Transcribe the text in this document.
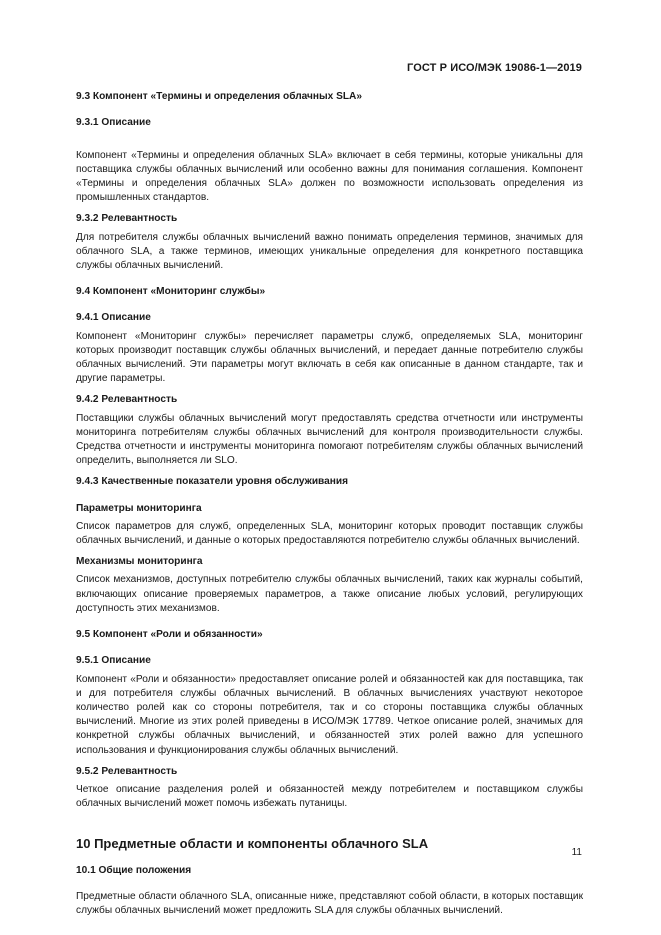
ГОСТ Р ИСО/МЭК 19086-1—2019

9.3 Компонент «Термины и определения облачных SLA»

9.3.1 Описание

Компонент «Термины и определения облачных SLA» включает в себя термины, которые уникальны для поставщика службы облачных вычислений или особенно важны для понимания соглашения. Компонент «Термины и определения облачных SLA» должен по возможности использовать определения из промышленных стандартов.

9.3.2 Релевантность

Для потребителя службы облачных вычислений важно понимать определения терминов, значимых для облачного SLA, а также терминов, имеющих уникальные определения для конкретного поставщика службы облачных вычислений.

9.4 Компонент «Мониторинг службы»

9.4.1 Описание

Компонент «Мониторинг службы» перечисляет параметры служб, определяемых SLA, мониторинг которых производит поставщик службы облачных вычислений, и передает данные потребителю службы облачных вычислений. Эти параметры могут включать в себя как описанные в данном стандарте, так и другие параметры.

9.4.2 Релевантность

Поставщики службы облачных вычислений могут предоставлять средства отчетности или инструменты мониторинга потребителям службы облачных вычислений для контроля производительности службы. Средства отчетности и инструменты мониторинга помогают потребителям службы облачных вычислений определить, выполняется ли SLO.

9.4.3 Качественные показатели уровня обслуживания

Параметры мониторинга

Список параметров для служб, определенных SLA, мониторинг которых проводит поставщик службы облачных вычислений, и данные о которых предоставляются потребителю службы облачных вычислений.

Механизмы мониторинга

Список механизмов, доступных потребителю службы облачных вычислений, таких как журналы событий, включающих описание проверяемых параметров, а также описание любых условий, регулирующих доступность этих механизмов.

9.5 Компонент «Роли и обязанности»

9.5.1 Описание

Компонент «Роли и обязанности» предоставляет описание ролей и обязанностей как для поставщика, так и для потребителя службы облачных вычислений. В облачных вычислениях участвуют некоторое количество ролей как со стороны потребителя, так и со стороны поставщика службы облачных вычислений. Многие из этих ролей приведены в ИСО/МЭК 17789. Четкое описание ролей, значимых для конкретной службы облачных вычислений, и обязанностей этих ролей важно для успешного использования и функционирования службы облачных вычислений.

9.5.2 Релевантность

Четкое описание разделения ролей и обязанностей между потребителем и поставщиком службы облачных вычислений может помочь избежать путаницы.

10 Предметные области и компоненты облачного SLA

10.1 Общие положения

Предметные области облачного SLA, описанные ниже, представляют собой области, в которых поставщик службы облачных вычислений может предложить SLA для службы облачных вычислений.

11
